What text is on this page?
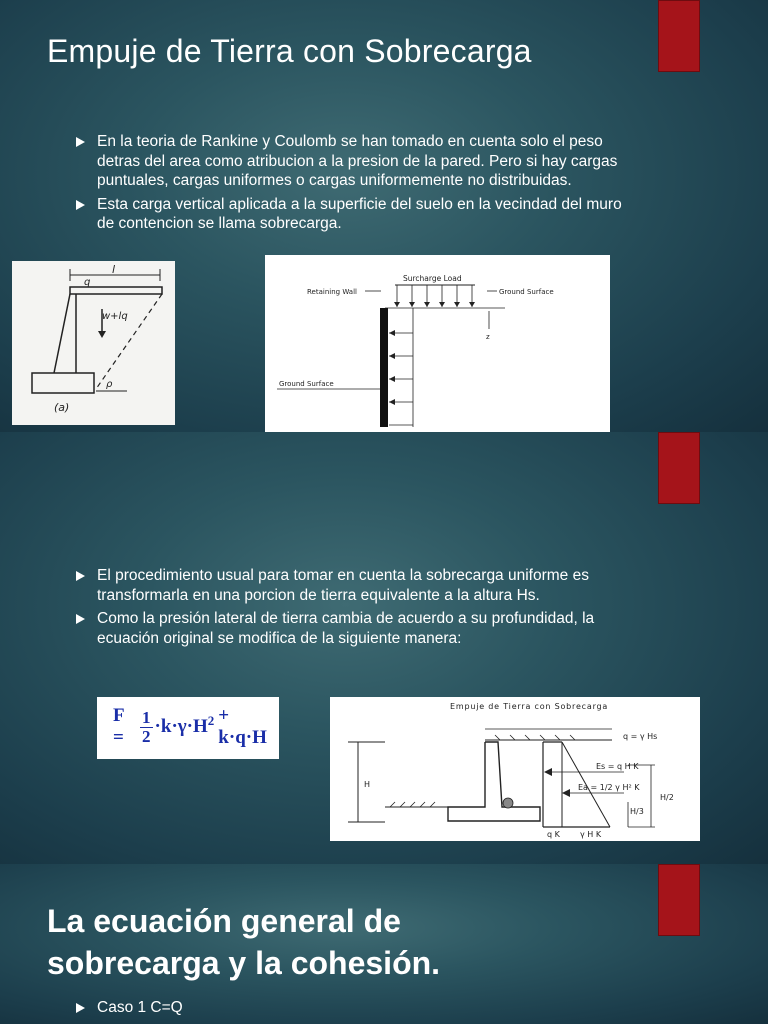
Empuje de Tierra con Sobrecarga
En la teoria de Rankine y Coulomb se han tomado en cuenta solo el peso detras del area como atribucion a la presion de la pared. Pero si hay cargas puntuales, cargas uniformes o cargas uniformemente no distribuidas.
Esta carga vertical aplicada a la superficie del suelo en la vecindad del muro de contencion se llama sobrecarga.
l
q
w+lq
ρ
(a)
Surcharge Load
Retaining Wall	Ground Surface
z
Ground Surface
El procedimiento usual para tomar en cuenta la sobrecarga uniforme es transformarla en una porcion de tierra equivalente a la altura Hs.
Como la presión lateral de tierra cambia de acuerdo a su profundidad, la ecuación original se modifica de la siguiente manera:
$F = \frac{1}{2} \cdot k\cdot\gamma\cdot H^2 + k\cdot q\cdot H$
Empuje de Tierra con Sobrecarga
q = γ Hs
H
Es = q H K
Ea = 1/2 γ H² K
H/3
H/2
q K	γ H K
La ecuación general de sobrecarga y la cohesión.
Caso 1 C=Q
